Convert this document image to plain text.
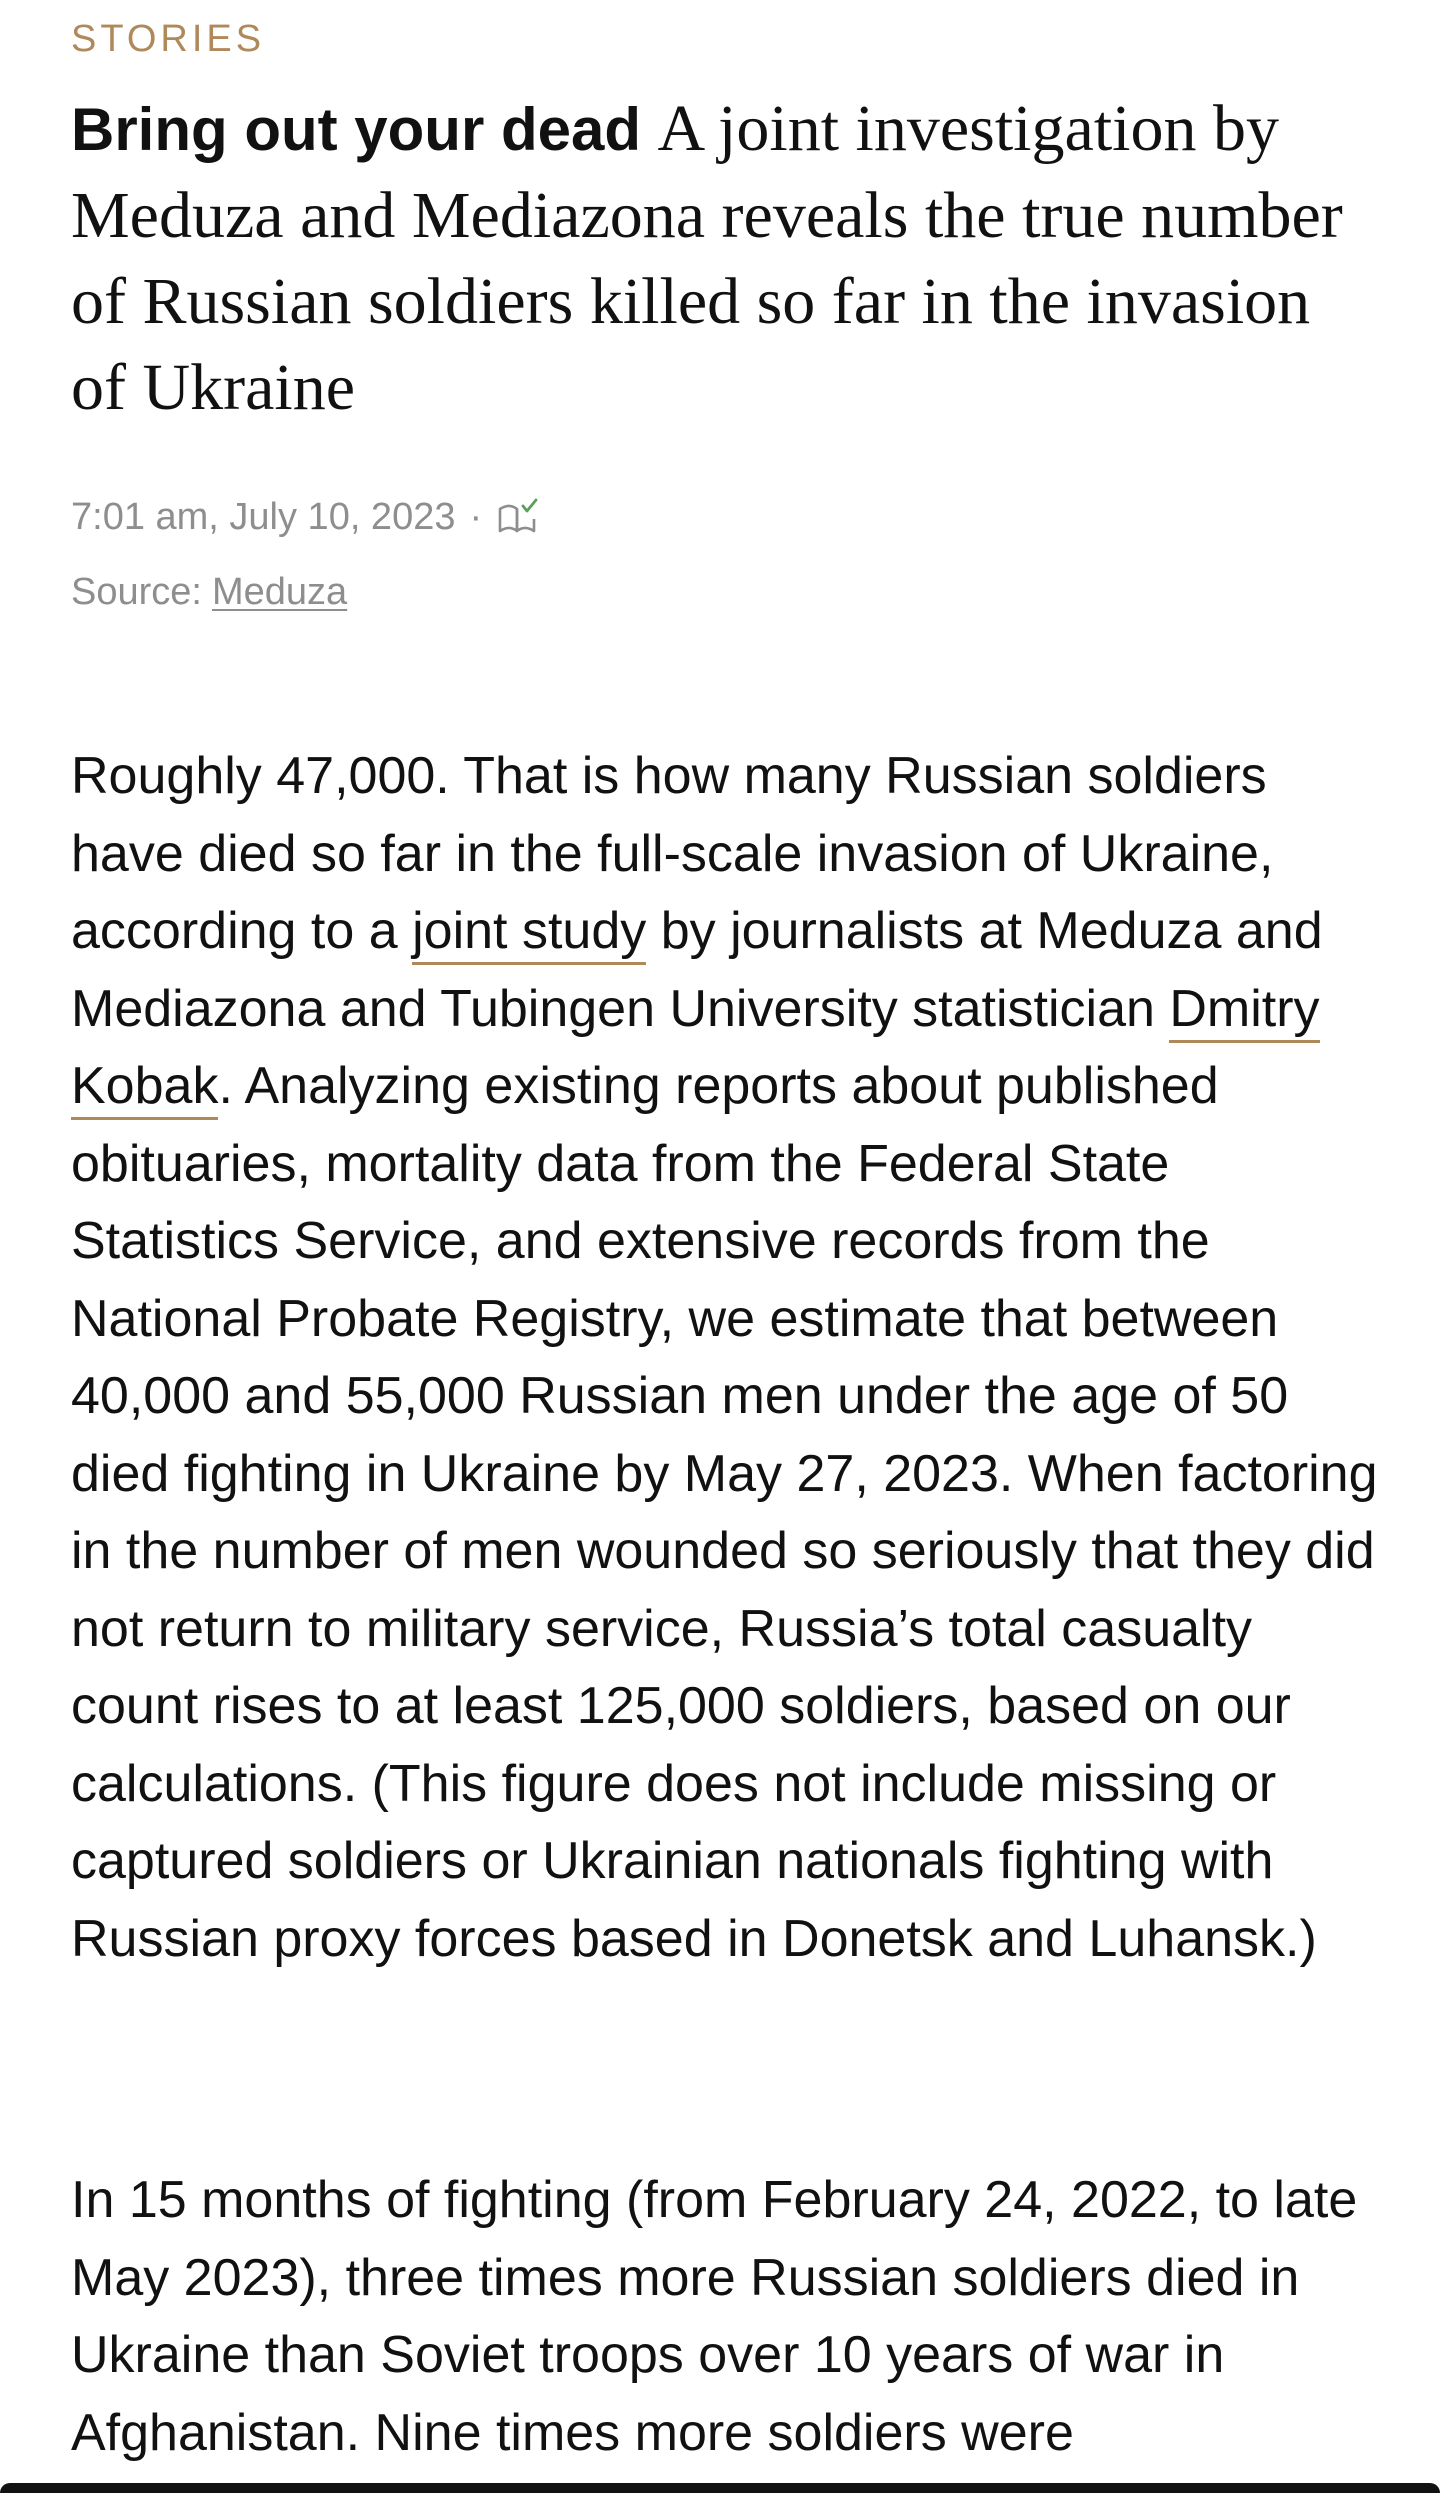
STORIES
Bring out your dead A joint investigation by Meduza and Mediazona reveals the true number of Russian soldiers killed so far in the invasion of Ukraine
7:01 am, July 10, 2023 ·
Source: Meduza

Roughly 47,000. That is how many Russian soldiers have died so far in the full-scale invasion of Ukraine, according to a joint study by journalists at Meduza and Mediazona and Tubingen University statistician Dmitry Kobak. Analyzing existing reports about published obituaries, mortality data from the Federal State Statistics Service, and extensive records from the National Probate Registry, we estimate that between 40,000 and 55,000 Russian men under the age of 50 died fighting in Ukraine by May 27, 2023. When factoring in the number of men wounded so seriously that they did not return to military service, Russia’s total casualty count rises to at least 125,000 soldiers, based on our calculations. (This figure does not include missing or captured soldiers or Ukrainian nationals fighting with Russian proxy forces based in Donetsk and Luhansk.)

In 15 months of fighting (from February 24, 2022, to late May 2023), three times more Russian soldiers died in Ukraine than Soviet troops over 10 years of war in Afghanistan. Nine times more soldiers were
